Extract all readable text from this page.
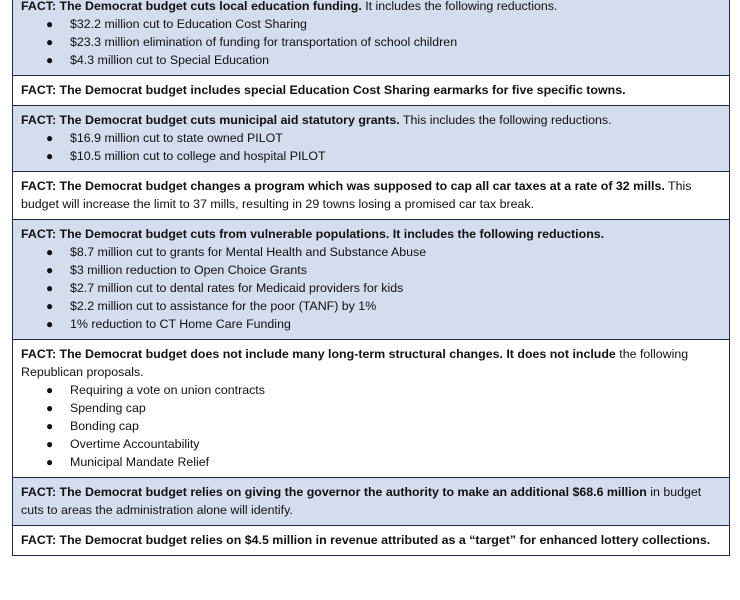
FACT: The Democrat budget cuts local education funding. It includes the following reductions.
● $32.2 million cut to Education Cost Sharing
● $23.3 million elimination of funding for transportation of school children
● $4.3 million cut to Special Education
FACT: The Democrat budget includes special Education Cost Sharing earmarks for five specific towns.
FACT: The Democrat budget cuts municipal aid statutory grants. This includes the following reductions.
● $16.9 million cut to state owned PILOT
● $10.5 million cut to college and hospital PILOT
FACT: The Democrat budget changes a program which was supposed to cap all car taxes at a rate of 32 mills. This budget will increase the limit to 37 mills, resulting in 29 towns losing a promised car tax break.
FACT: The Democrat budget cuts from vulnerable populations. It includes the following reductions.
● $8.7 million cut to grants for Mental Health and Substance Abuse
● $3 million reduction to Open Choice Grants
● $2.7 million cut to dental rates for Medicaid providers for kids
● $2.2 million cut to assistance for the poor (TANF) by 1%
● 1% reduction to CT Home Care Funding
FACT: The Democrat budget does not include many long-term structural changes. It does not include the following Republican proposals.
● Requiring a vote on union contracts
● Spending cap
● Bonding cap
● Overtime Accountability
● Municipal Mandate Relief
FACT: The Democrat budget relies on giving the governor the authority to make an additional $68.6 million in budget cuts to areas the administration alone will identify.
FACT: The Democrat budget relies on $4.5 million in revenue attributed as a “target” for enhanced lottery collections.
